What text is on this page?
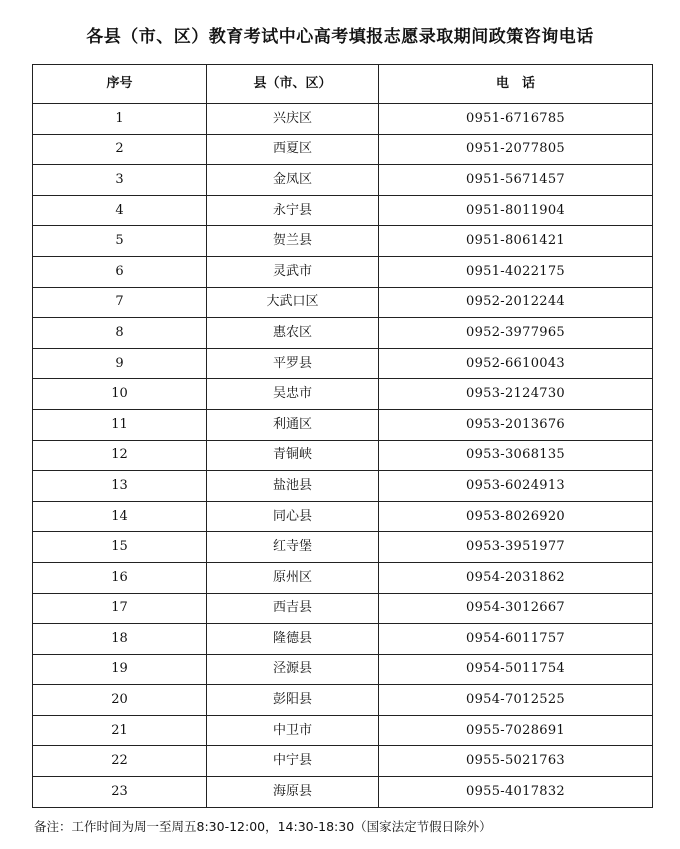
各县（市、区）教育考试中心高考填报志愿录取期间政策咨询电话
序号	县（市、区）	电　话
1	兴庆区	0951-6716785
2	西夏区	0951-2077805
3	金凤区	0951-5671457
4	永宁县	0951-8011904
5	贺兰县	0951-8061421
6	灵武市	0951-4022175
7	大武口区	0952-2012244
8	惠农区	0952-3977965
9	平罗县	0952-6610043
10	吴忠市	0953-2124730
11	利通区	0953-2013676
12	青铜峡	0953-3068135
13	盐池县	0953-6024913
14	同心县	0953-8026920
15	红寺堡	0953-3951977
16	原州区	0954-2031862
17	西吉县	0954-3012667
18	隆德县	0954-6011757
19	泾源县	0954-5011754
20	彭阳县	0954-7012525
21	中卫市	0955-7028691
22	中宁县	0955-5021763
23	海原县	0955-4017832
备注：工作时间为周一至周五8:30-12:00，14:30-18:30（国家法定节假日除外）
